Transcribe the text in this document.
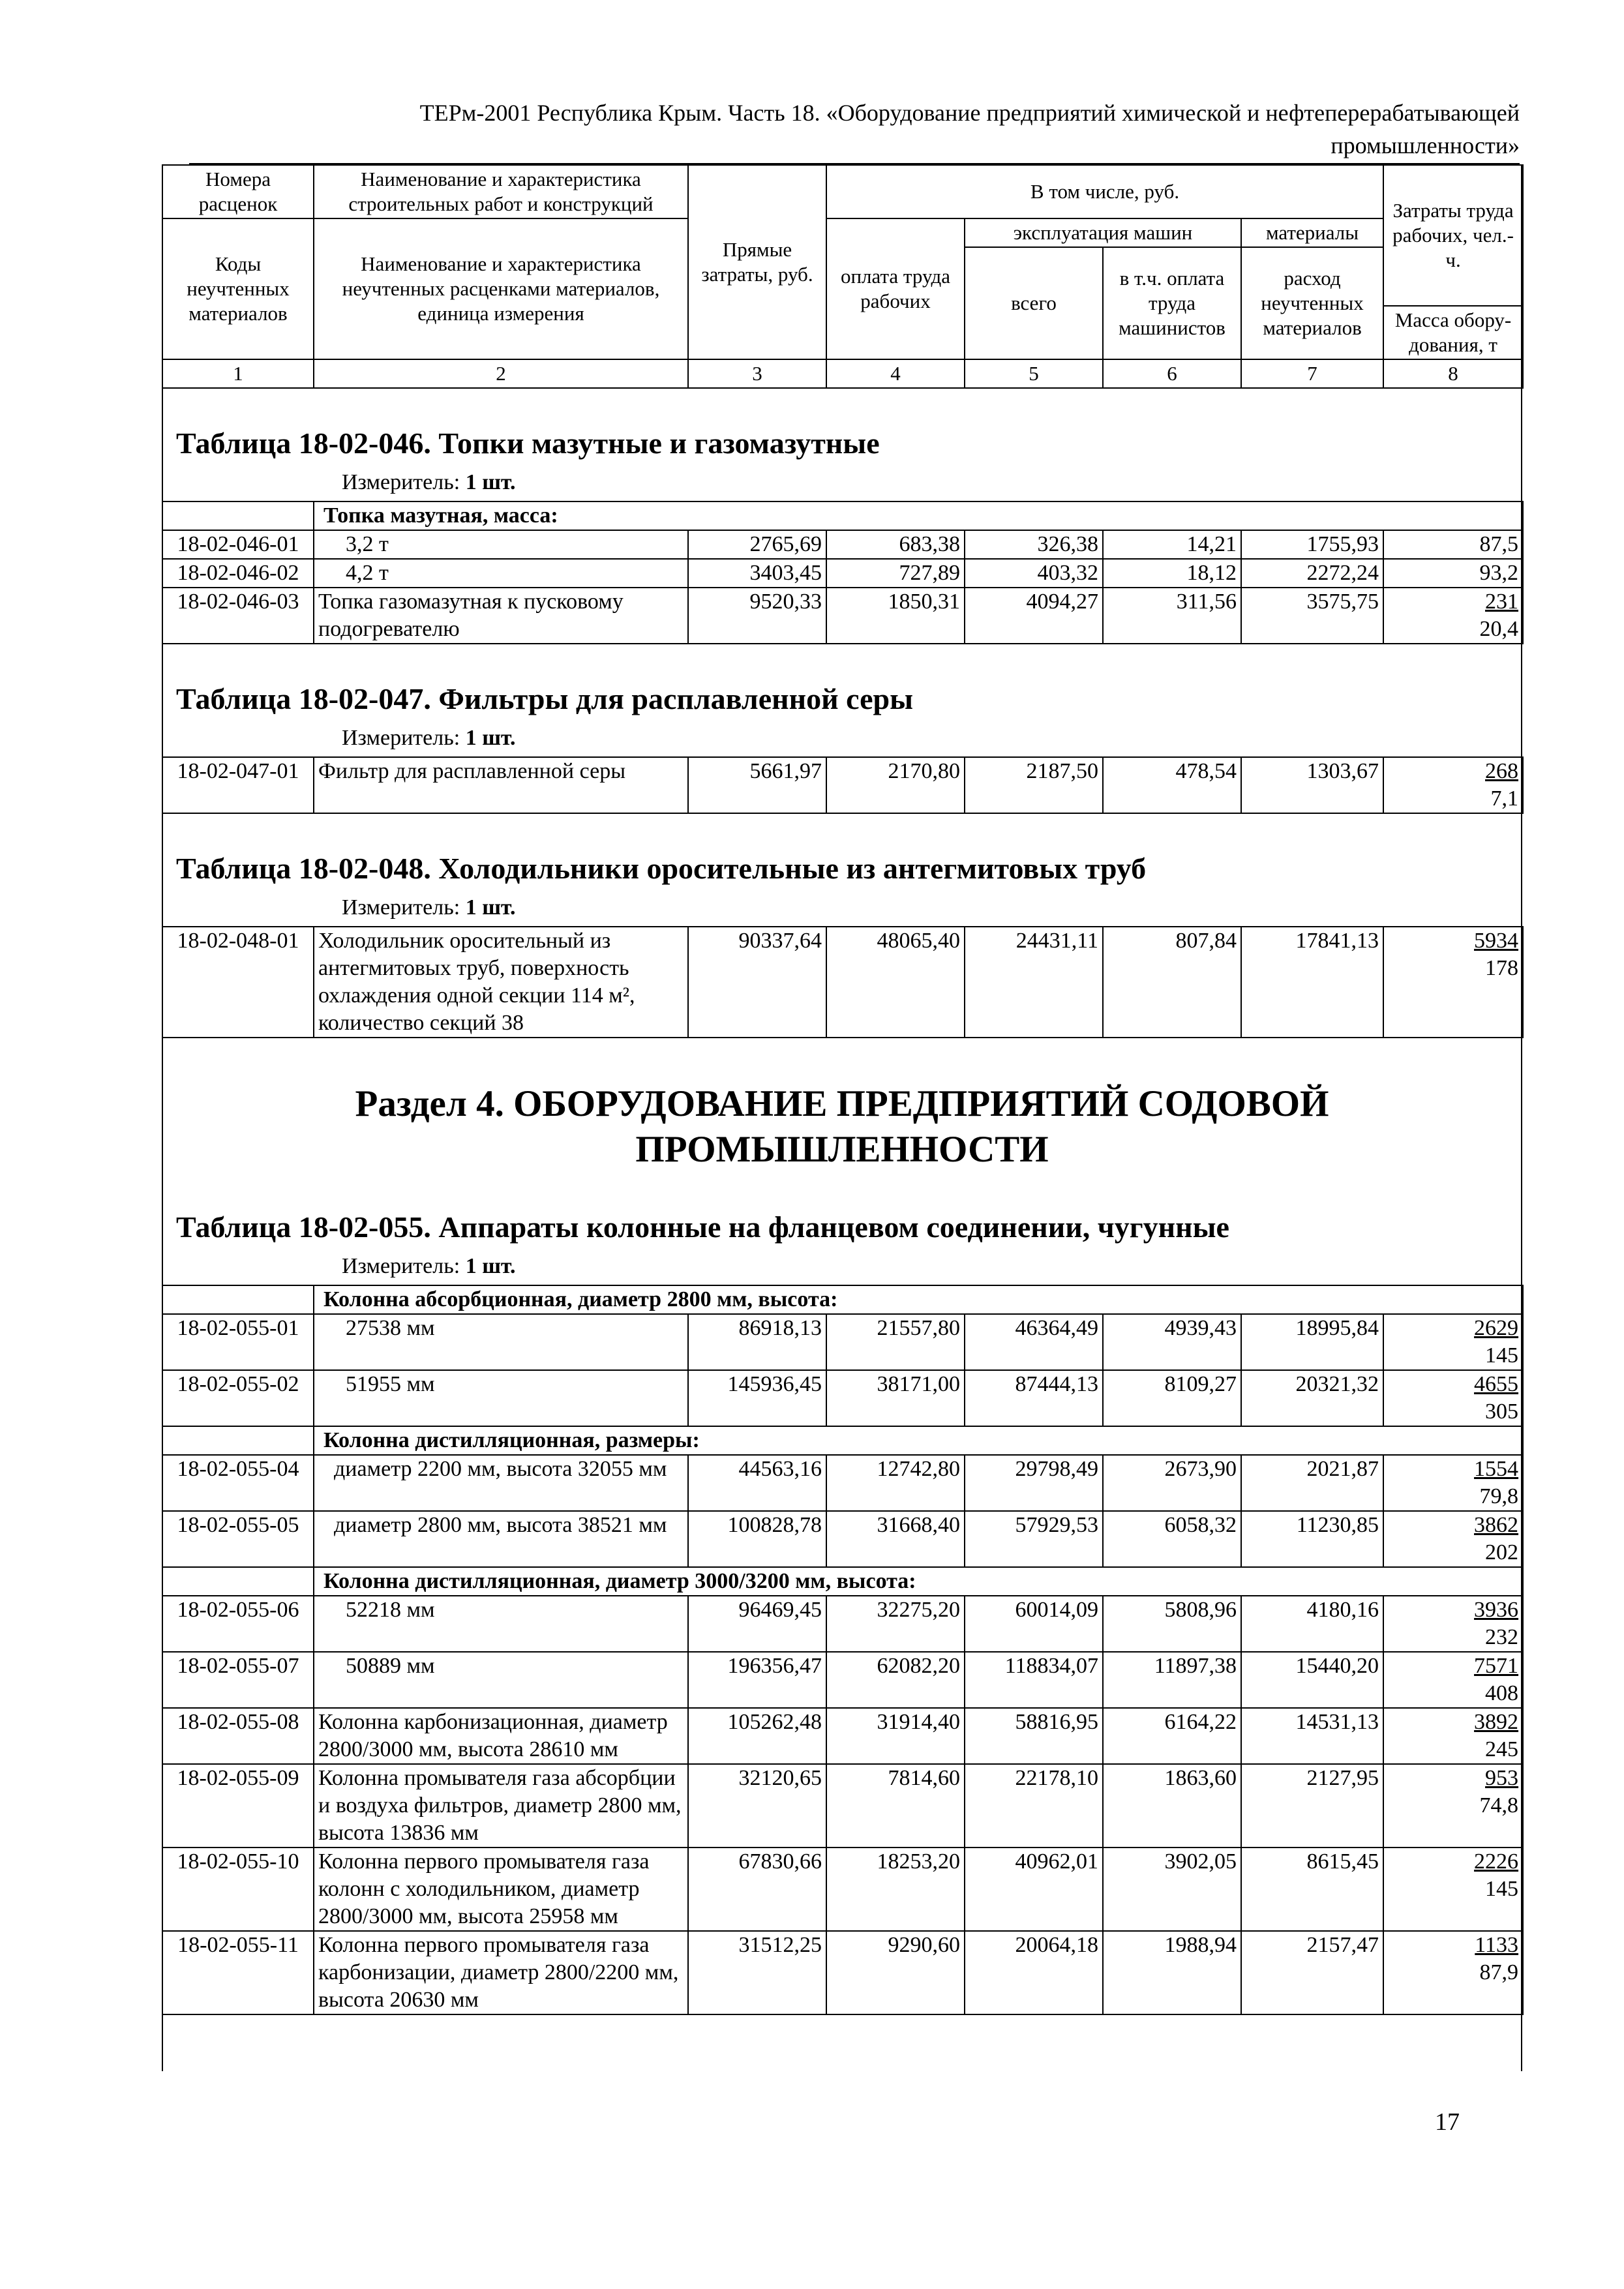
ТЕРм-2001 Республика Крым. Часть 18. «Оборудование предприятий химической и нефтеперерабатывающей
промышленности»
Номера расценок	Наименование и характеристика строительных работ и конструкций	Прямые затраты, руб.	В том числе, руб.				Затраты труда рабочих, чел.-ч.
Коды неучтенных материалов	Наименование и характеристика неучтенных расценками материалов, единица измерения		оплата труда рабочих	эксплуатация машин		материалы	
				всего	в т.ч. оплата труда машинистов	расход неучтенных материалов	
							Масса обору-дования, т
1	2	3	4	5	6	7	8
Таблица 18-02-046. Топки мазутные и газомазутные
Измеритель: 1 шт.
	Топка мазутная, масса:						
18-02-046-01	3,2 т	2765,69	683,38	326,38	14,21	1755,93	87,5

18-02-046-02	4,2 т	3403,45	727,89	403,32	18,12	2272,24	93,2

18-02-046-03	Топка газомазутная к пусковому подогревателю	9520,33	1850,31	4094,27	311,56	3575,75	231
20,4
Таблица 18-02-047. Фильтры для расплавленной серы
Измеритель: 1 шт.
18-02-047-01	Фильтр для расплавленной серы	5661,97	2170,80	2187,50	478,54	1303,67	268
7,1
Таблица 18-02-048. Холодильники оросительные из антегмитовых труб
Измеритель: 1 шт.
18-02-048-01	Холодильник оросительный из антегмитовых труб, поверхность охлаждения одной секции 114 м², количество секций 38	90337,64	48065,40	24431,11	807,84	17841,13	5934
178
Раздел 4. ОБОРУДОВАНИЕ ПРЕДПРИЯТИЙ СОДОВОЙ
ПРОМЫШЛЕННОСТИ
Таблица 18-02-055. Аппараты колонные на фланцевом соединении, чугунные
Измеритель: 1 шт.
	Колонна абсорбционная, диаметр 2800 мм, высота:						
18-02-055-01	27538 мм	86918,13	21557,80	46364,49	4939,43	18995,84	2629
145

18-02-055-02	51955 мм	145936,45	38171,00	87444,13	8109,27	20321,32	4655
305

	Колонна дистилляционная, размеры:						
18-02-055-04	диаметр 2200 мм, высота 32055 мм	44563,16	12742,80	29798,49	2673,90	2021,87	1554
79,8

18-02-055-05	диаметр 2800 мм, высота 38521 мм	100828,78	31668,40	57929,53	6058,32	11230,85	3862
202

	Колонна дистилляционная, диаметр 3000/3200 мм, высота:						
18-02-055-06	52218 мм	96469,45	32275,20	60014,09	5808,96	4180,16	3936
232

18-02-055-07	50889 мм	196356,47	62082,20	118834,07	11897,38	15440,20	7571
408

18-02-055-08	Колонна карбонизационная, диаметр 2800/3000 мм, высота 28610 мм	105262,48	31914,40	58816,95	6164,22	14531,13	3892
245

18-02-055-09	Колонна промывателя газа абсорбции и воздуха фильтров, диаметр 2800 мм, высота 13836 мм	32120,65	7814,60	22178,10	1863,60	2127,95	953
74,8

18-02-055-10	Колонна первого промывателя газа колонн с холодильником, диаметр 2800/3000 мм, высота 25958 мм	67830,66	18253,20	40962,01	3902,05	8615,45	2226
145

18-02-055-11	Колонна первого промывателя газа карбонизации, диаметр 2800/2200 мм, высота 20630 мм	31512,25	9290,60	20064,18	1988,94	2157,47	1133
87,9
17
